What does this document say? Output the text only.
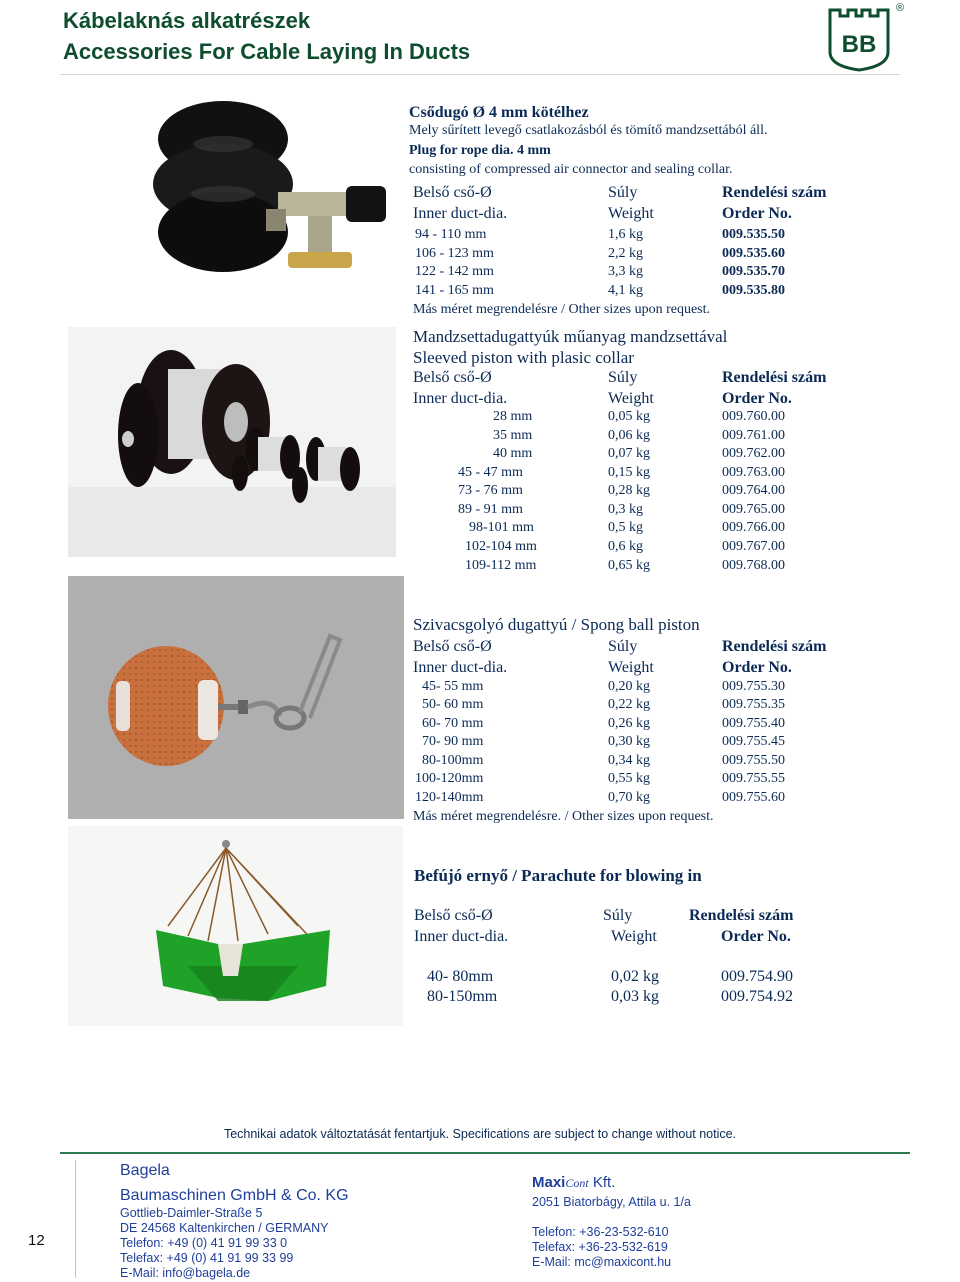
Kábelaknás alkatrészek
Accessories For Cable Laying In Ducts	BB
®
Csődugó Ø 4 mm kötélhez
Mely sűrített levegő csatlakozásból és tömítő mandzsettából áll.
Plug for rope dia. 4 mm
consisting of compressed air connector and sealing collar.
Belső cső-Ø	Súly	Rendelési szám
Inner duct-dia.	Weight	Order No.
94 - 110 mm	1,6 kg	009.535.50
106 - 123 mm	2,2 kg	009.535.60
122 - 142 mm	3,3 kg	009.535.70
141 - 165 mm	4,1 kg	009.535.80
Más méret megrendelésre / Other sizes upon request.
Mandzsettadugattyúk műanyag mandzsettával
Sleeved piston with plasic collar
Belső cső-Ø	Súly	Rendelési szám
Inner duct-dia.	Weight	Order No.
28 mm	0,05 kg	009.760.00
35 mm	0,06 kg	009.761.00
40 mm	0,07 kg	009.762.00
45 - 47 mm	0,15 kg	009.763.00
73 - 76 mm	0,28 kg	009.764.00
89 - 91 mm	0,3 kg	009.765.00
98-101 mm	0,5 kg	009.766.00
102-104 mm	0,6 kg	009.767.00
109-112 mm	0,65 kg	009.768.00
Szivacsgolyó dugattyú / Spong ball piston
Belső cső-Ø	Súly	Rendelési szám
Inner duct-dia.	Weight	Order No.
45- 55 mm	0,20 kg	009.755.30
50- 60 mm	0,22 kg	009.755.35
60- 70 mm	0,26 kg	009.755.40
70- 90 mm	0,30 kg	009.755.45
80-100mm	0,34 kg	009.755.50
100-120mm	0,55 kg	009.755.55
120-140mm	0,70 kg	009.755.60
Más méret megrendelésre. / Other sizes upon request.
Befújó ernyő / Parachute for blowing in
Belső cső-Ø	Súly	Rendelési szám
Inner duct-dia.	Weight	Order No.
40- 80mm	0,02 kg	009.754.90
80-150mm	0,03 kg	009.754.92
Technikai adatok változtatását fentartjuk. Specifications are subject to change without notice.
12
Bagela
Baumaschinen GmbH & Co. KG
Gottlieb-Daimler-Straße 5
DE 24568 Kaltenkirchen / GERMANY
Telefon: +49 (0) 41 91 99 33 0
Telefax: +49 (0) 41 91 99 33 99
E-Mail: info@bagela.de
MaxiCont Kft.
2051 Biatorbágy, Attila u. 1/a
Telefon: +36-23-532-610
Telefax: +36-23-532-619
E-Mail: mc@maxicont.hu
